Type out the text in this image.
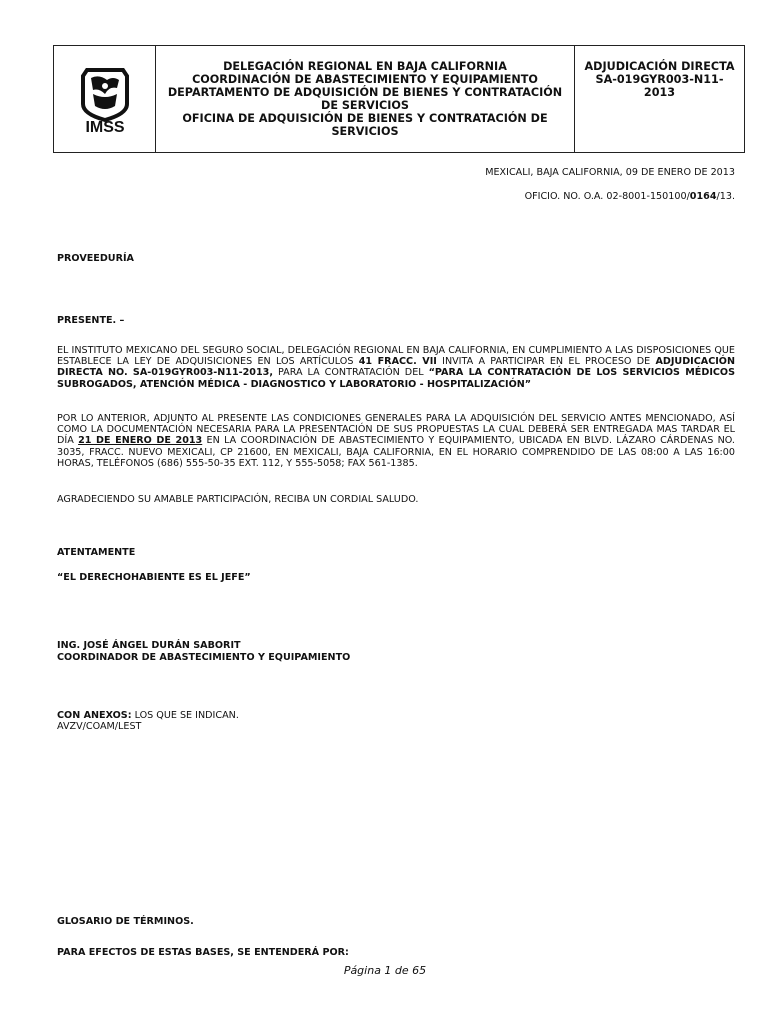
IMSS
DELEGACIÓN REGIONAL EN BAJA CALIFORNIA
COORDINACIÓN DE ABASTECIMIENTO Y EQUIPAMIENTO
DEPARTAMENTO DE ADQUISICIÓN DE BIENES Y CONTRATACIÓN
DE SERVICIOS
OFICINA DE ADQUISICIÓN DE BIENES Y CONTRATACIÓN DE
SERVICIOS
ADJUDICACIÓN DIRECTA
SA-019GYR003-N11-
2013
MEXICALI, BAJA CALIFORNIA, 09 DE ENERO DE 2013
OFICIO. NO. O.A. 02-8001-150100/0164/13.
PROVEEDURÍA
PRESENTE. –
EL INSTITUTO MEXICANO DEL SEGURO SOCIAL, DELEGACIÓN REGIONAL EN BAJA CALIFORNIA, EN CUMPLIMIENTO A LAS DISPOSICIONES QUE ESTABLECE LA LEY DE ADQUISICIONES EN LOS ARTÍCULOS 41 FRACC. VII INVITA A PARTICIPAR EN EL PROCESO DE ADJUDICACIÓN DIRECTA NO. SA-019GYR003-N11-2013, PARA LA CONTRATACIÓN DEL “PARA LA CONTRATACIÓN DE LOS SERVICIOS MÉDICOS SUBROGADOS, ATENCIÓN MÉDICA - DIAGNOSTICO Y LABORATORIO - HOSPITALIZACIÓN”
POR LO ANTERIOR, ADJUNTO AL PRESENTE LAS CONDICIONES GENERALES PARA LA ADQUISICIÓN DEL SERVICIO ANTES MENCIONADO, ASÍ COMO LA DOCUMENTACIÓN NECESARIA PARA LA PRESENTACIÓN DE SUS PROPUESTAS LA CUAL DEBERÁ SER ENTREGADA MAS TARDAR EL DÍA 21 DE ENERO DE 2013 EN LA COORDINACIÓN DE ABASTECIMIENTO Y EQUIPAMIENTO, UBICADA EN BLVD. LÁZARO CÁRDENAS NO. 3035, FRACC. NUEVO MEXICALI, CP 21600, EN MEXICALI, BAJA CALIFORNIA, EN EL HORARIO COMPRENDIDO DE LAS 08:00 A LAS 16:00 HORAS, TELÉFONOS (686) 555-50-35 EXT. 112, Y 555-5058; FAX 561-1385.
AGRADECIENDO SU AMABLE PARTICIPACIÓN, RECIBA UN CORDIAL SALUDO.
ATENTAMENTE
“EL DERECHOHABIENTE ES EL JEFE”
ING. JOSÉ ÁNGEL DURÁN SABORIT
COORDINADOR DE ABASTECIMIENTO Y EQUIPAMIENTO
CON ANEXOS: LOS QUE SE INDICAN.
AVZV/COAM/LEST
GLOSARIO DE TÉRMINOS.
PARA EFECTOS DE ESTAS BASES, SE ENTENDERÁ POR:
Página 1 de 65
